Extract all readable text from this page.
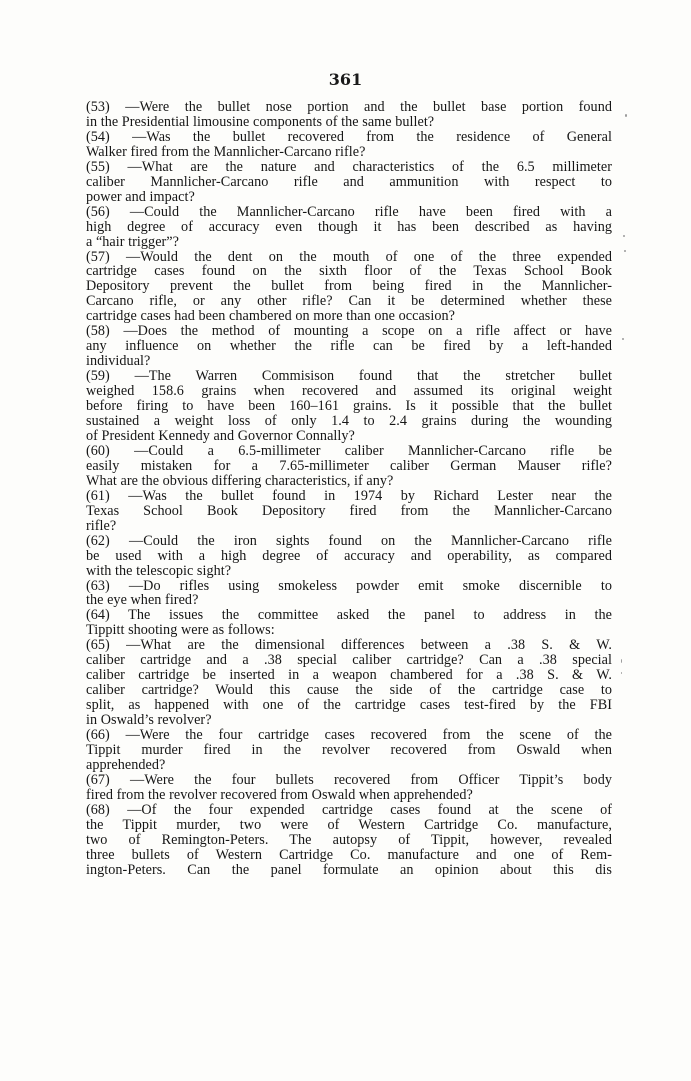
361
(53) —Were the bullet nose portion and the bullet base portion found
in the Presidential limousine components of the same bullet?
(54) —Was the bullet recovered from the residence of General
Walker fired from the Mannlicher-Carcano rifle?
(55) —What are the nature and characteristics of the 6.5 millimeter
caliber Mannlicher-Carcano rifle and ammunition with respect to
power and impact?
(56) —Could the Mannlicher-Carcano rifle have been fired with a
high degree of accuracy even though it has been described as having
a “hair trigger”?
(57) —Would the dent on the mouth of one of the three expended
cartridge cases found on the sixth floor of the Texas School Book
Depository prevent the bullet from being fired in the Mannlicher-
Carcano rifle, or any other rifle? Can it be determined whether these
cartridge cases had been chambered on more than one occasion?
(58) —Does the method of mounting a scope on a rifle affect or have
any influence on whether the rifle can be fired by a left-handed
individual?
(59) —The Warren Commisison found that the stretcher bullet
weighed 158.6 grains when recovered and assumed its original weight
before firing to have been 160–161 grains. Is it possible that the bullet
sustained a weight loss of only 1.4 to 2.4 grains during the wounding
of President Kennedy and Governor Connally?
(60) —Could a 6.5-millimeter caliber Mannlicher-Carcano rifle be
easily mistaken for a 7.65-millimeter caliber German Mauser rifle?
What are the obvious differing characteristics, if any?
(61) —Was the bullet found in 1974 by Richard Lester near the
Texas School Book Depository fired from the Mannlicher-Carcano
rifle?
(62) —Could the iron sights found on the Mannlicher-Carcano rifle
be used with a high degree of accuracy and operability, as compared
with the telescopic sight?
(63) —Do rifles using smokeless powder emit smoke discernible to
the eye when fired?
(64) The issues the committee asked the panel to address in the
Tippitt shooting were as follows:
(65) —What are the dimensional differences between a .38 S. & W.
caliber cartridge and a .38 special caliber cartridge? Can a .38 special
caliber cartridge be inserted in a weapon chambered for a .38 S. & W.
caliber cartridge? Would this cause the side of the cartridge case to
split, as happened with one of the cartridge cases test-fired by the FBI
in Oswald’s revolver?
(66) —Were the four cartridge cases recovered from the scene of the
Tippit murder fired in the revolver recovered from Oswald when
apprehended?
(67) —Were the four bullets recovered from Officer Tippit’s body
fired from the revolver recovered from Oswald when apprehended?
(68) —Of the four expended cartridge cases found at the scene of
the Tippit murder, two were of Western Cartridge Co. manufacture,
two of Remington-Peters. The autopsy of Tippit, however, revealed
three bullets of Western Cartridge Co. manufacture and one of Rem-
ington-Peters. Can the panel formulate an opinion about this dis
